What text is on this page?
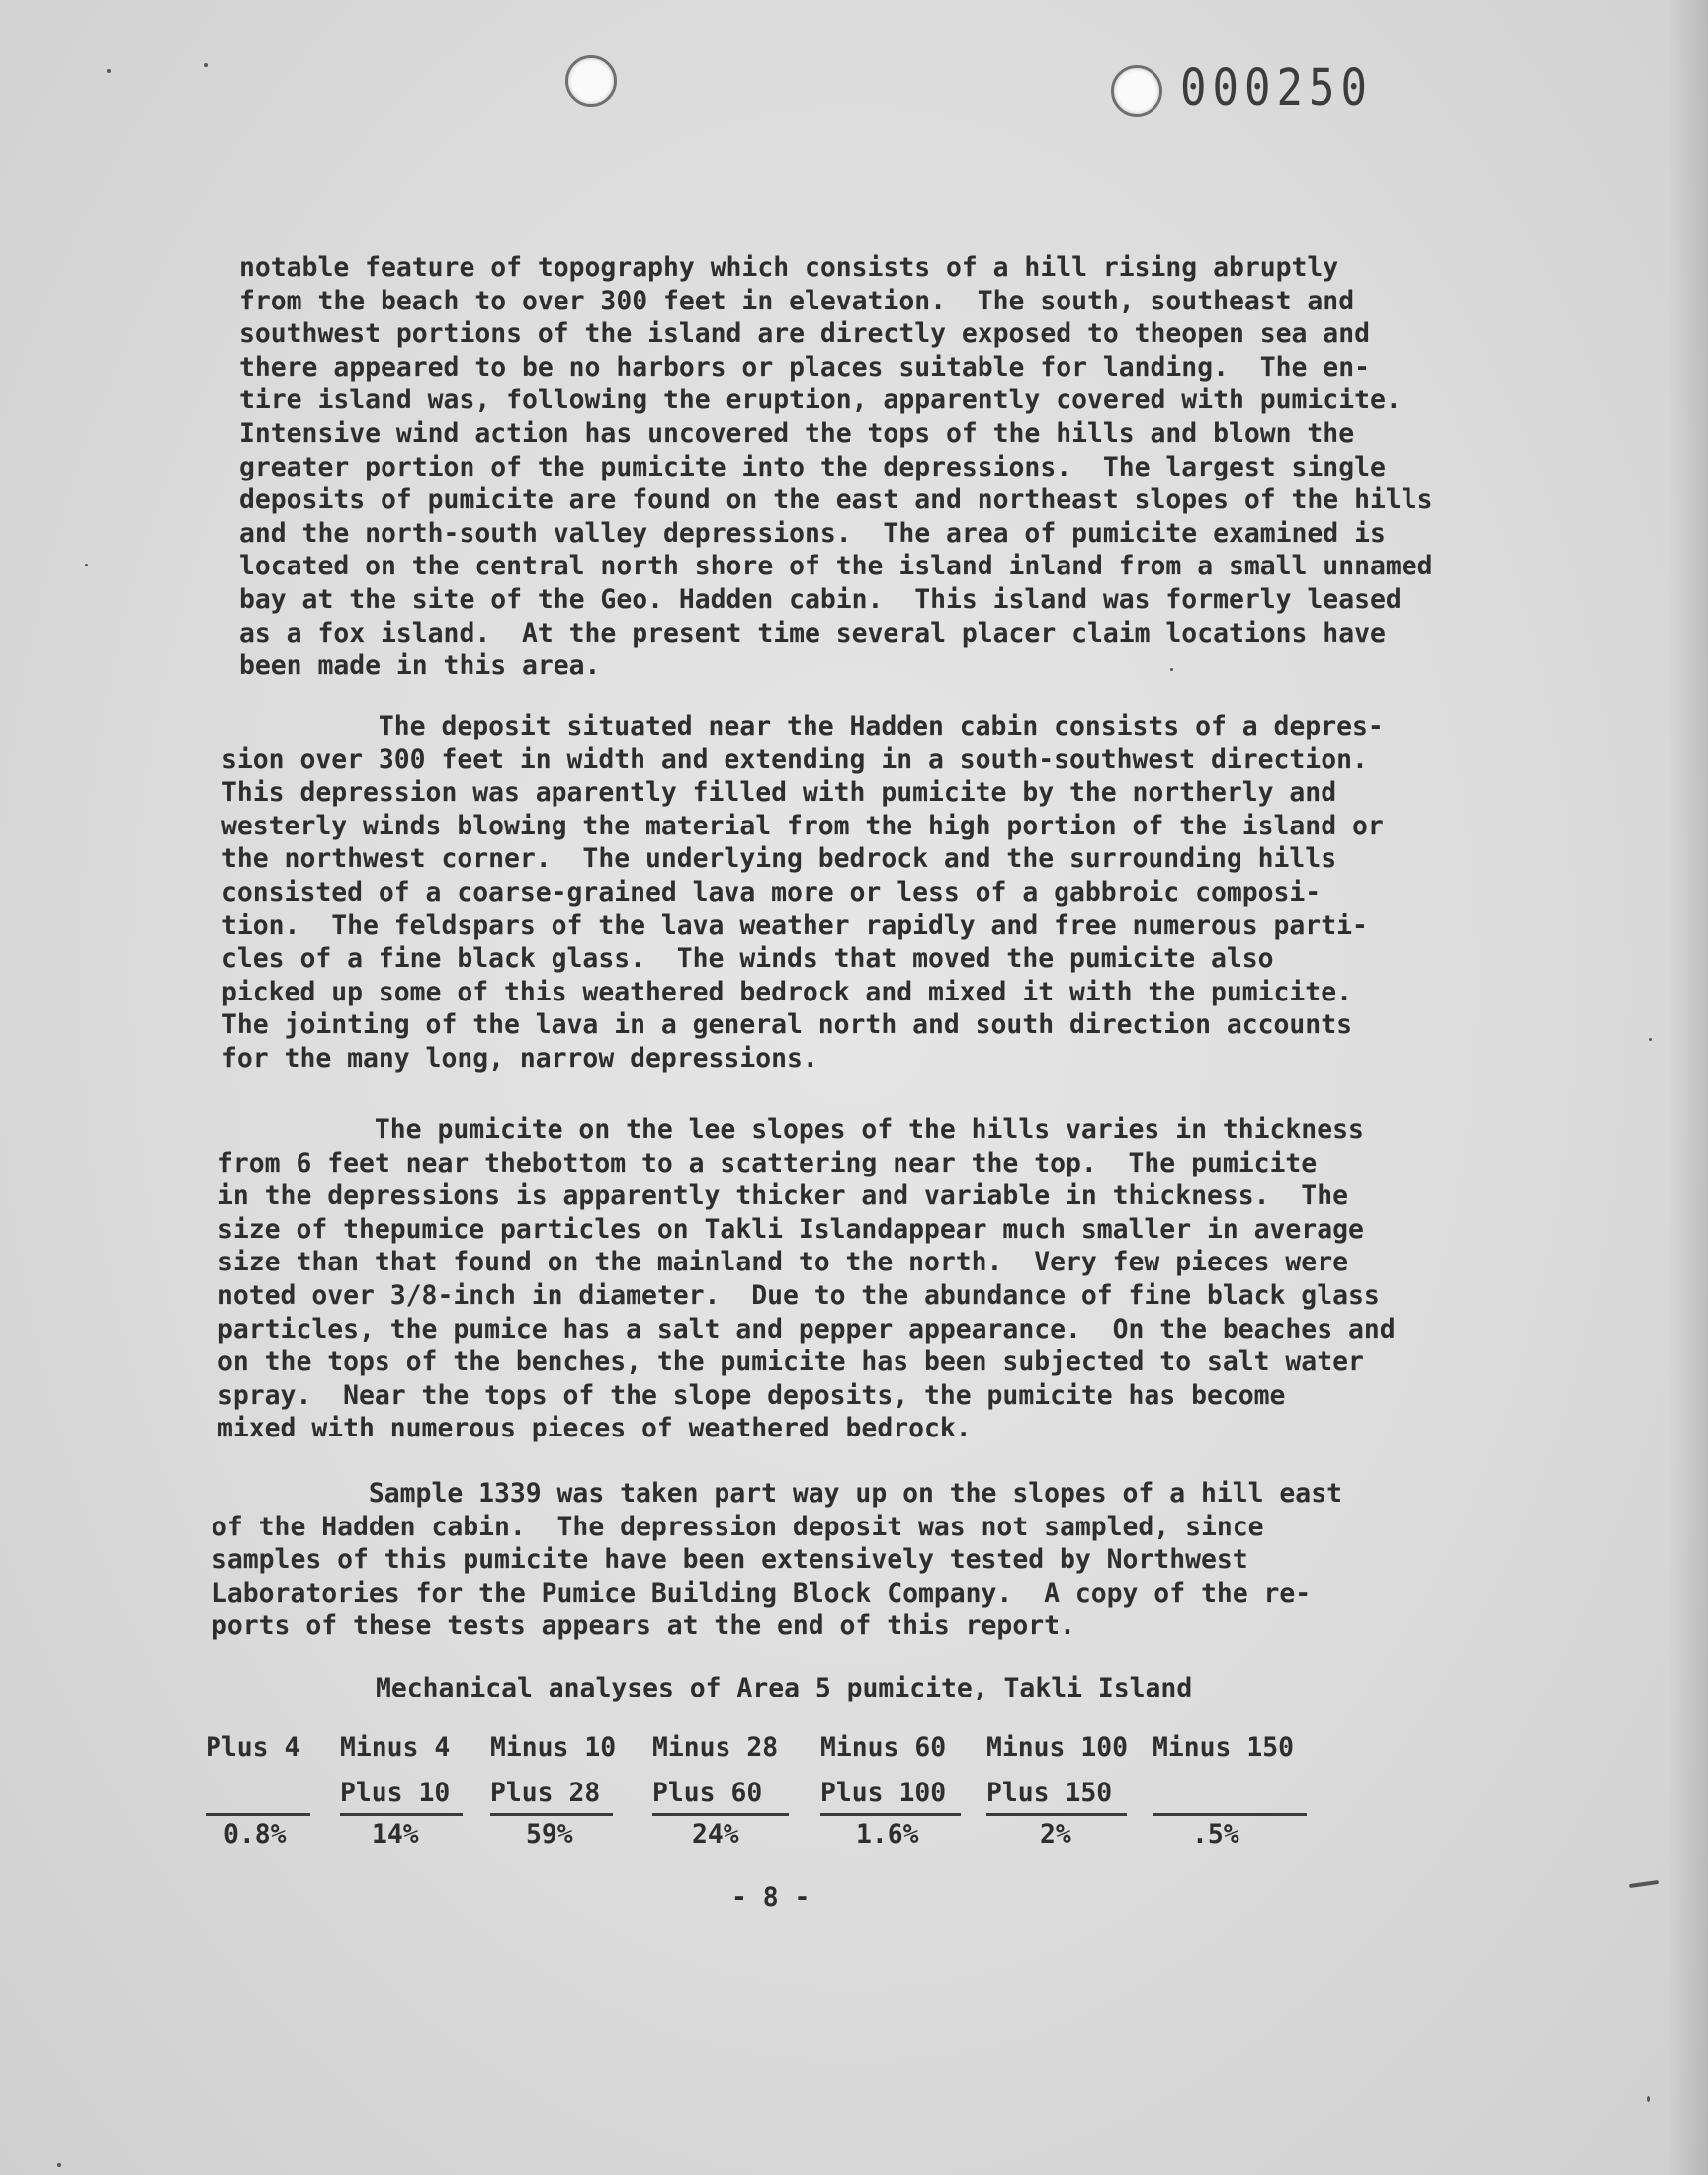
000250
notable feature of topography which consists of a hill rising abruptly
from the beach to over 300 feet in elevation.  The south, southeast and
southwest portions of the island are directly exposed to theopen sea and
there appeared to be no harbors or places suitable for landing.  The en-
tire island was, following the eruption, apparently covered with pumicite.
Intensive wind action has uncovered the tops of the hills and blown the
greater portion of the pumicite into the depressions.  The largest single
deposits of pumicite are found on the east and northeast slopes of the hills
and the north-south valley depressions.  The area of pumicite examined is
located on the central north shore of the island inland from a small unnamed
bay at the site of the Geo. Hadden cabin.  This island was formerly leased
as a fox island.  At the present time several placer claim locations have
been made in this area.
The deposit situated near the Hadden cabin consists of a depres-
sion over 300 feet in width and extending in a south-southwest direction.
This depression was aparently filled with pumicite by the northerly and
westerly winds blowing the material from the high portion of the island or
the northwest corner.  The underlying bedrock and the surrounding hills
consisted of a coarse-grained lava more or less of a gabbroic composi-
tion.  The feldspars of the lava weather rapidly and free numerous parti-
cles of a fine black glass.  The winds that moved the pumicite also
picked up some of this weathered bedrock and mixed it with the pumicite.
The jointing of the lava in a general north and south direction accounts
for the many long, narrow depressions.
The pumicite on the lee slopes of the hills varies in thickness
from 6 feet near thebottom to a scattering near the top.  The pumicite
in the depressions is apparently thicker and variable in thickness.  The
size of thepumice particles on Takli Islandappear much smaller in average
size than that found on the mainland to the north.  Very few pieces were
noted over 3/8-inch in diameter.  Due to the abundance of fine black glass
particles, the pumice has a salt and pepper appearance.  On the beaches and
on the tops of the benches, the pumicite has been subjected to salt water
spray.  Near the tops of the slope deposits, the pumicite has become
mixed with numerous pieces of weathered bedrock.
Sample 1339 was taken part way up on the slopes of a hill east
of the Hadden cabin.  The depression deposit was not sampled, since
samples of this pumicite have been extensively tested by Northwest
Laboratories for the Pumice Building Block Company.  A copy of the re-
ports of these tests appears at the end of this report.
Mechanical analyses of Area 5 pumicite, Takli Island
Plus 4
0.8%
Minus 4
Plus 10
14%
Minus 10
Plus 28
59%
Minus 28
Plus 60
24%
Minus 60
Plus 100
1.6%
Minus 100
Plus 150
2%
Minus 150
.5%
- 8 -
